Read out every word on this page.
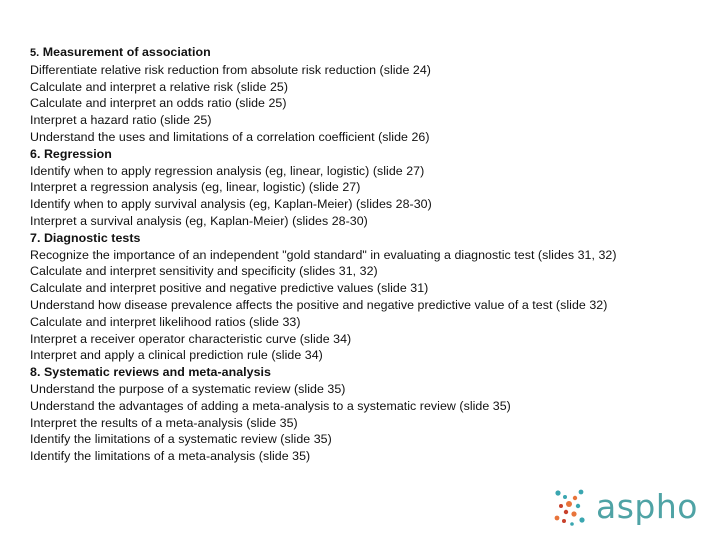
5. Measurement of association
Differentiate relative risk reduction from absolute risk reduction (slide 24)
Calculate and interpret a relative risk (slide 25)
Calculate and interpret an odds ratio (slide 25)
Interpret a hazard ratio (slide 25)
Understand the uses and limitations of a correlation coefficient (slide 26)
6. Regression
Identify when to apply regression analysis (eg, linear, logistic) (slide 27)
Interpret a regression analysis (eg, linear, logistic) (slide 27)
Identify when to apply survival analysis (eg, Kaplan-Meier) (slides 28-30)
Interpret a survival analysis (eg, Kaplan-Meier) (slides 28-30)
7. Diagnostic tests
Recognize the importance of an independent "gold standard" in evaluating a diagnostic test (slides 31, 32)
Calculate and interpret sensitivity and specificity (slides 31, 32)
Calculate and interpret positive and negative predictive values (slide 31)
Understand how disease prevalence affects the positive and negative predictive value of a test (slide 32)
Calculate and interpret likelihood ratios (slide 33)
Interpret a receiver operator characteristic curve (slide 34)
Interpret and apply a clinical prediction rule (slide 34)
8. Systematic reviews and meta-analysis
Understand the purpose of a systematic review (slide 35)
Understand the advantages of adding a meta-analysis to a systematic review (slide 35)
Interpret the results of a meta-analysis (slide 35)
Identify the limitations of a systematic review (slide 35)
Identify the limitations of a meta-analysis (slide 35)
aspho
